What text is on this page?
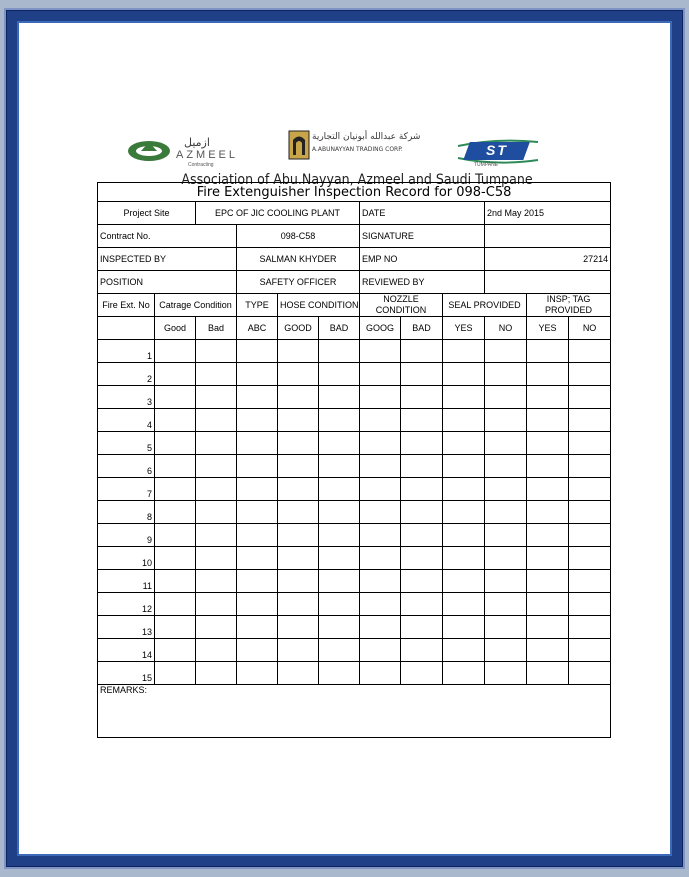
ازميل
AZMEEL
Contracting
شركة عبدالله أبونيان التجارية
A.ABUNAYYAN TRADING CORP.	ST
TUMPANE
Association of Abu.Nayyan, Azmeel and Saudi Tumpane
Fire Extenguisher Inspection Record for 098-C58											
Project Site		EPC OF JIC COOLING PLANT				DATE			2nd May 2015		
Contract No.			098-C58			SIGNATURE					
INSPECTED BY			SALMAN KHYDER			EMP NO			27214		
POSITION			SAFETY OFFICER			REVIEWED BY					
Fire Ext. No	Catrage Condition		TYPE	HOSE CONDITION		NOZZLE CONDITION		SEAL PROVIDED		INSP; TAG PROVIDED	
	Good	Bad	ABC	GOOD	BAD	GOOG	BAD	YES	NO	YES	NO
1											
2											
3											
4											
5											
6											
7											
8											
9											
10											
11											
12											
13											
14											
15											
REMARKS:											
